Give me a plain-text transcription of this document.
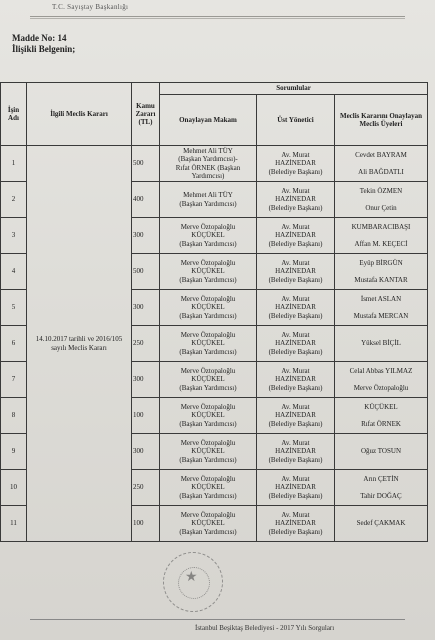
T.C. Sayıştay Başkanlığı
Madde No: 14
İlişikli Belgenin;
İşin Adı	İlgili Meclis Kararı	Kamu Zararı (TL)	Sorumlular		
			Onaylayan Makam	Üst Yönetici	Meclis Kararını Onaylayan Meclis Üyeleri
1	14.10.2017 tarihli ve 2016/105 sayılı Meclis Kararı	500	Mehmet Ali TÜY
(Başkan Yardımcısı)-
Rıfat ÖRNEK (Başkan
Yardımcısı)	Av. Murat
HAZİNEDAR
(Belediye Başkanı)	Cevdet BAYRAM

Ali BAĞDATLI
2		400	Mehmet Ali TÜY
(Başkan Yardımcısı)	Av. Murat
HAZİNEDAR
(Belediye Başkanı)	Tekin ÖZMEN

Onur Çetin
3		300	Merve Öztopaloğlu
KÜÇÜKEL
(Başkan Yardımcısı)	Av. Murat
HAZİNEDAR
(Belediye Başkanı)	KUMBARACIBAŞI

Affan M. KEÇECİ
4		500	Merve Öztopaloğlu
KÜÇÜKEL
(Başkan Yardımcısı)	Av. Murat
HAZİNEDAR
(Belediye Başkanı)	Eyüp BİRGÜN

Mustafa KANTAR
5		300	Merve Öztopaloğlu
KÜÇÜKEL
(Başkan Yardımcısı)	Av. Murat
HAZİNEDAR
(Belediye Başkanı)	İsmet ASLAN

Mustafa MERCAN
6		250	Merve Öztopaloğlu
KÜÇÜKEL
(Başkan Yardımcısı)	Av. Murat
HAZİNEDAR
(Belediye Başkanı)	Yüksel BİÇİL
7		300	Merve Öztopaloğlu
KÜÇÜKEL
(Başkan Yardımcısı)	Av. Murat
HAZİNEDAR
(Belediye Başkanı)	Celal Abbas YILMAZ

Merve Öztopaloğlu
8		100	Merve Öztopaloğlu
KÜÇÜKEL
(Başkan Yardımcısı)	Av. Murat
HAZİNEDAR
(Belediye Başkanı)	KÜÇÜKEL

Rıfat ÖRNEK
9		300	Merve Öztopaloğlu
KÜÇÜKEL
(Başkan Yardımcısı)	Av. Murat
HAZİNEDAR
(Belediye Başkanı)	Oğuz TOSUN
10		250	Merve Öztopaloğlu
KÜÇÜKEL
(Başkan Yardımcısı)	Av. Murat
HAZİNEDAR
(Belediye Başkanı)	Arın ÇETİN

Tahir DOĞAÇ
11		100	Merve Öztopaloğlu
KÜÇÜKEL
(Başkan Yardımcısı)	Av. Murat
HAZİNEDAR
(Belediye Başkanı)	Sedef ÇAKMAK
★
İstanbul Beşiktaş Belediyesi - 2017 Yılı Sorguları
